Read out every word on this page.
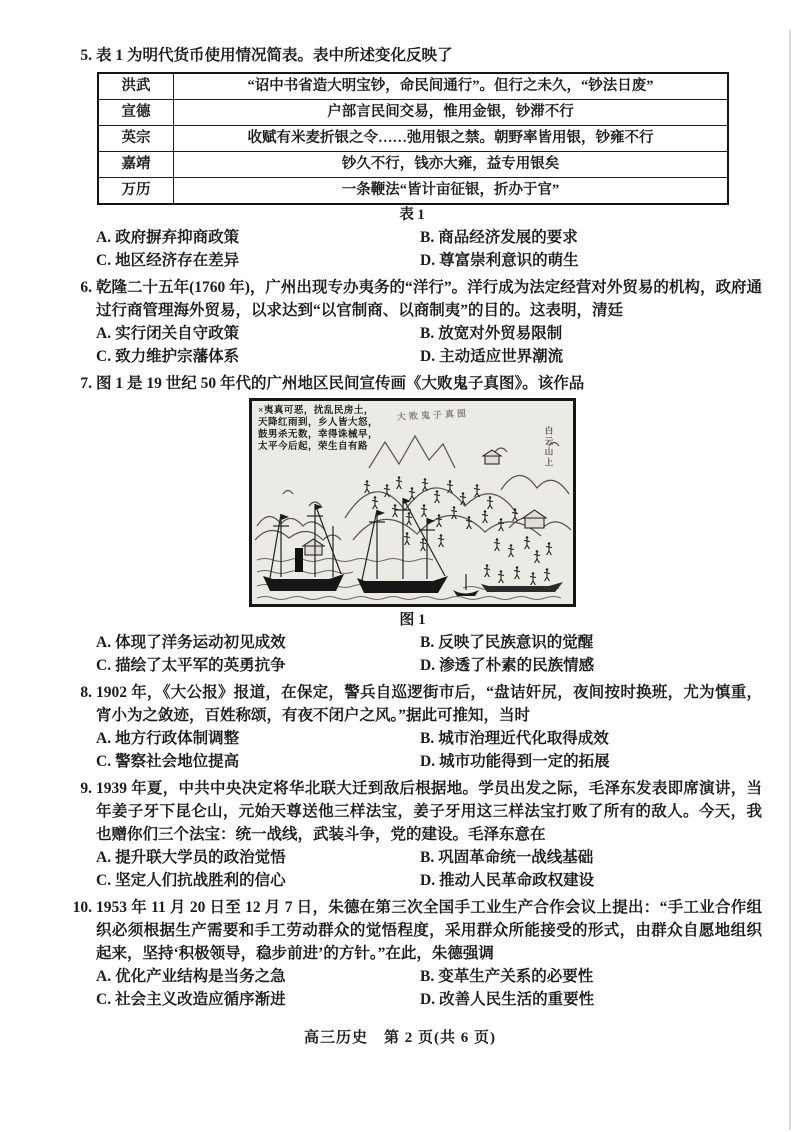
5. 表 1 为明代货币使用情况简表。表中所述变化反映了
洪武	“诏中书省造大明宝钞，命民间通行”。但行之未久，“钞法日废”
宣德	户部言民间交易，惟用金银，钞滞不行
英宗	收赋有米麦折银之令……弛用银之禁。朝野率皆用银，钞雍不行
嘉靖	钞久不行，钱亦大雍，益专用银矣
万历	一条鞭法“皆计亩征银，折办于官”
表 1
A. 政府摒弃抑商政策	B. 商品经济发展的要求
C. 地区经济存在差异	D. 尊富崇利意识的萌生
6. 乾隆二十五年(1760 年)，广州出现专办夷务的“洋行”。洋行成为法定经营对外贸易的机构，政府通过行商管理海外贸易，以求达到“以官制商、以商制夷”的目的。这表明，清廷
A. 实行闭关自守政策	B. 放宽对外贸易限制
C. 致力维护宗藩体系	D. 主动适应世界潮流
7. 图 1 是 19 世纪 50 年代的广州地区民间宣传画《大败鬼子真图》。该作品
×夷真可恶，扰乱民房土，
天降红雨到，乡人皆大怒，
鼓男杀无数，幸得诛械早，
太平今后起，荣生自有路
大败鬼子真图
白云山上
图 1
A. 体现了洋务运动初见成效	B. 反映了民族意识的觉醒
C. 描绘了太平军的英勇抗争	D. 渗透了朴素的民族情感
8. 1902 年，《大公报》报道，在保定，警兵自巡逻街市后，“盘诘奸尻，夜间按时换班，尤为慎重，宵小为之敛迹，百姓称颂，有夜不闭户之风。”据此可推知，当时
A. 地方行政体制调整	B. 城市治理近代化取得成效
C. 警察社会地位提高	D. 城市功能得到一定的拓展
9. 1939 年夏，中共中央决定将华北联大迁到敌后根据地。学员出发之际，毛泽东发表即席演讲，当年姜子牙下昆仑山，元始天尊送他三样法宝，姜子牙用这三样法宝打败了所有的敌人。今天，我也赠你们三个法宝：统一战线，武装斗争，党的建设。毛泽东意在
A. 提升联大学员的政治觉悟	B. 巩固革命统一战线基础
C. 坚定人们抗战胜利的信心	D. 推动人民革命政权建设
10. 1953 年 11 月 20 日至 12 月 7 日，朱德在第三次全国手工业生产合作会议上提出：“手工业合作组织必须根据生产需要和手工劳动群众的觉悟程度，采用群众所能接受的形式，由群众自愿地组织起来，坚持‘积极领导，稳步前进’的方针。”在此，朱德强调
A. 优化产业结构是当务之急	B. 变革生产关系的必要性
C. 社会主义改造应循序渐进	D. 改善人民生活的重要性
高三历史　第 2 页(共 6 页)
